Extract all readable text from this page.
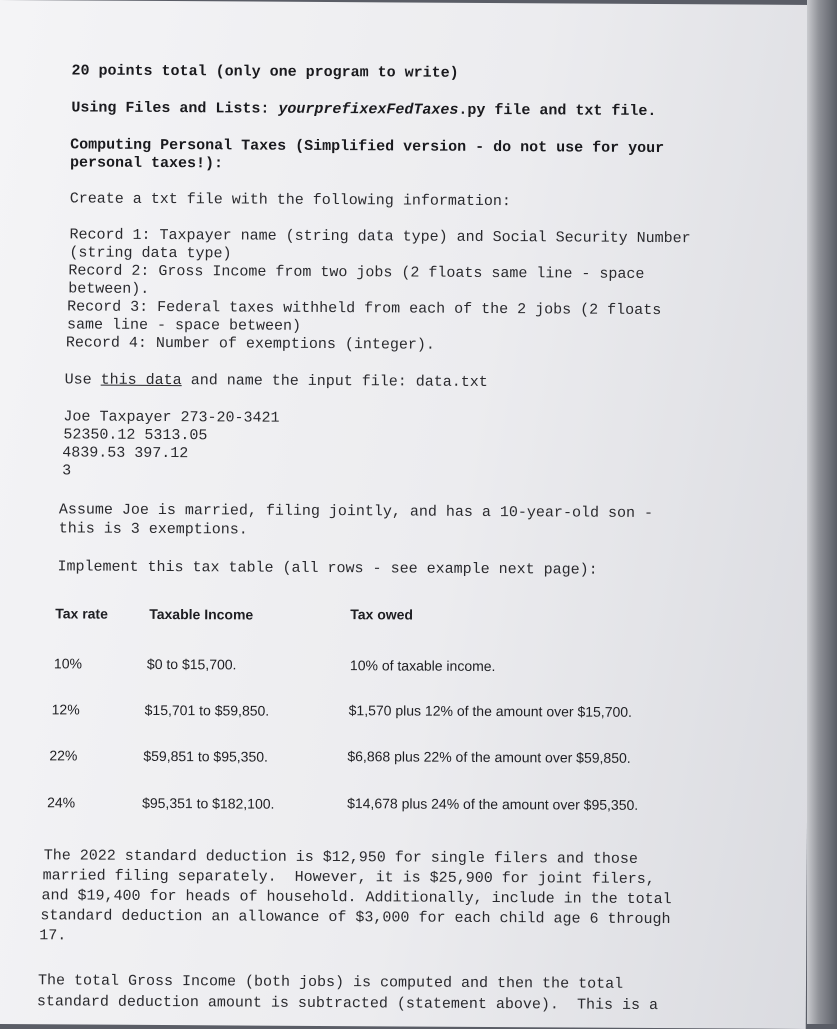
20 points total (only one program to write)

Using Files and Lists: yourprefixexFedTaxes.py file and txt file.

Computing Personal Taxes (Simplified version - do not use for your

personal taxes!):

Create a txt file with the following information:

Record 1: Taxpayer name (string data type) and Social Security Number

(string data type)

Record 2: Gross Income from two jobs (2 floats same line - space

between).

Record 3: Federal taxes withheld from each of the 2 jobs (2 floats

same line - space between)

Record 4: Number of exemptions (integer).

Use this data and name the input file: data.txt

Joe Taxpayer 273-20-3421

52350.12 5313.05

4839.53 397.12

3

Assume Joe is married, filing jointly, and has a 10-year-old son -

this is 3 exemptions.

Implement this tax table (all rows - see example next page):

Tax rate	Taxable Income	Tax owed

10%	$0 to $15,700.	10% of taxable income.

12%	$15,701 to $59,850.	$1,570 plus 12% of the amount over $15,700.

22%	$59,851 to $95,350.	$6,868 plus 22% of the amount over $59,850.

24%	$95,351 to $182,100.	$14,678 plus 24% of the amount over $95,350.

The 2022 standard deduction is $12,950 for single filers and those

married filing separately.  However, it is $25,900 for joint filers,

and $19,400 for heads of household. Additionally, include in the total

standard deduction an allowance of $3,000 for each child age 6 through

17.

The total Gross Income (both jobs) is computed and then the total

standard deduction amount is subtracted (statement above).  This is a
